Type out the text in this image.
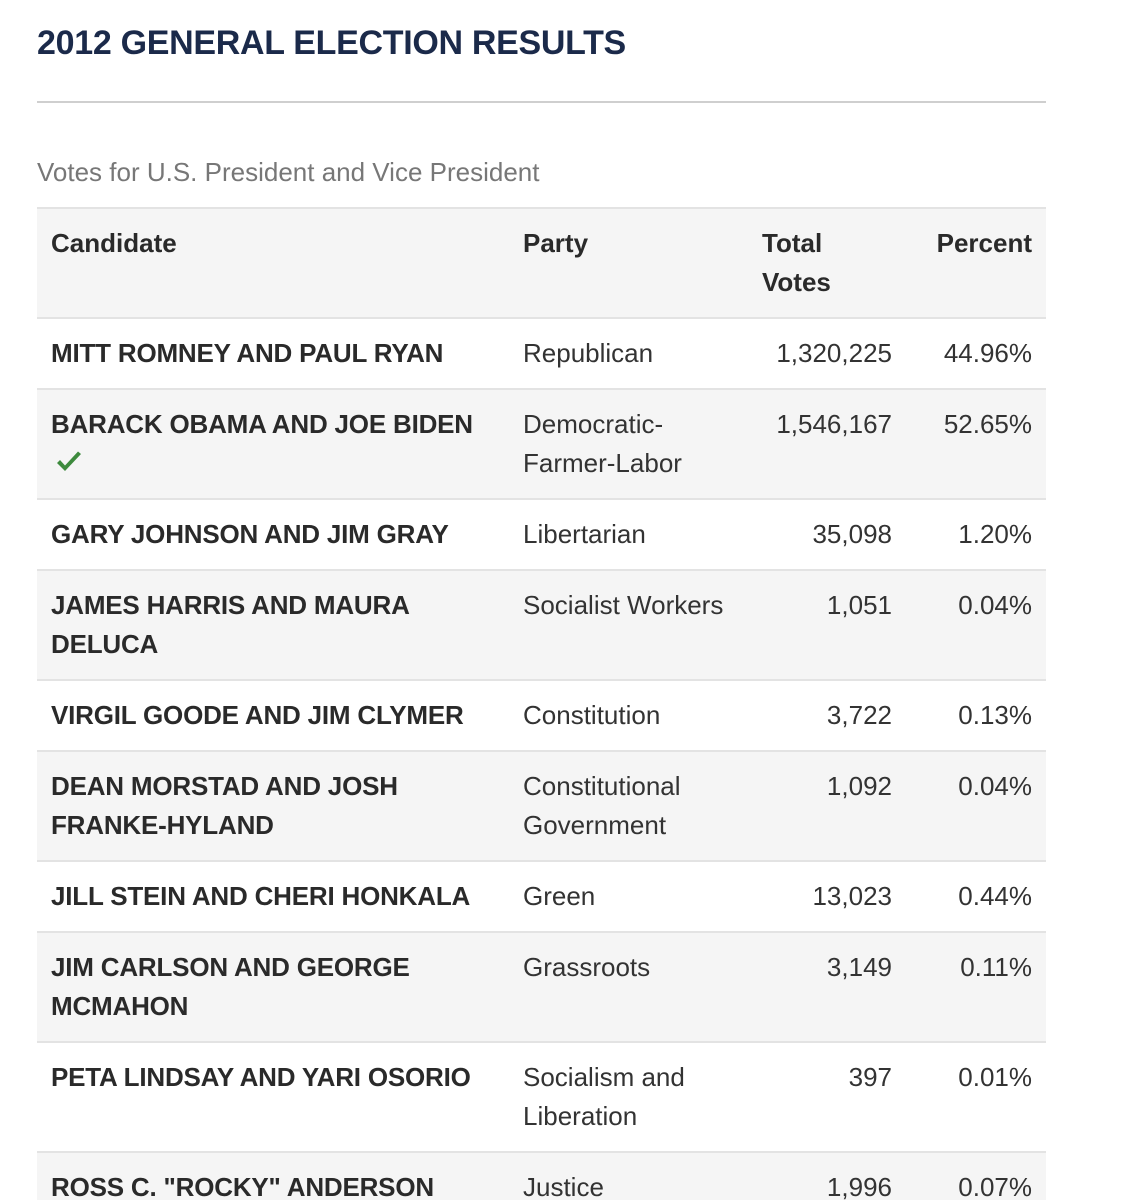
2012 GENERAL ELECTION RESULTS
Votes for U.S. President and Vice President
Candidate	Party	Total Votes	Percent
MITT ROMNEY AND PAUL RYAN	Republican	1,320,225	44.96%
BARACK OBAMA AND JOE BIDEN	Democratic-Farmer-Labor	1,546,167	52.65%
GARY JOHNSON AND JIM GRAY	Libertarian	35,098	1.20%
JAMES HARRIS AND MAURA DELUCA	Socialist Workers	1,051	0.04%
VIRGIL GOODE AND JIM CLYMER	Constitution	3,722	0.13%
DEAN MORSTAD AND JOSH FRANKE-HYLAND	Constitutional Government	1,092	0.04%
JILL STEIN AND CHERI HONKALA	Green	13,023	0.44%
JIM CARLSON AND GEORGE MCMAHON	Grassroots	3,149	0.11%
PETA LINDSAY AND YARI OSORIO	Socialism and Liberation	397	0.01%
ROSS C. "ROCKY" ANDERSON	Justice	1,996	0.07%
